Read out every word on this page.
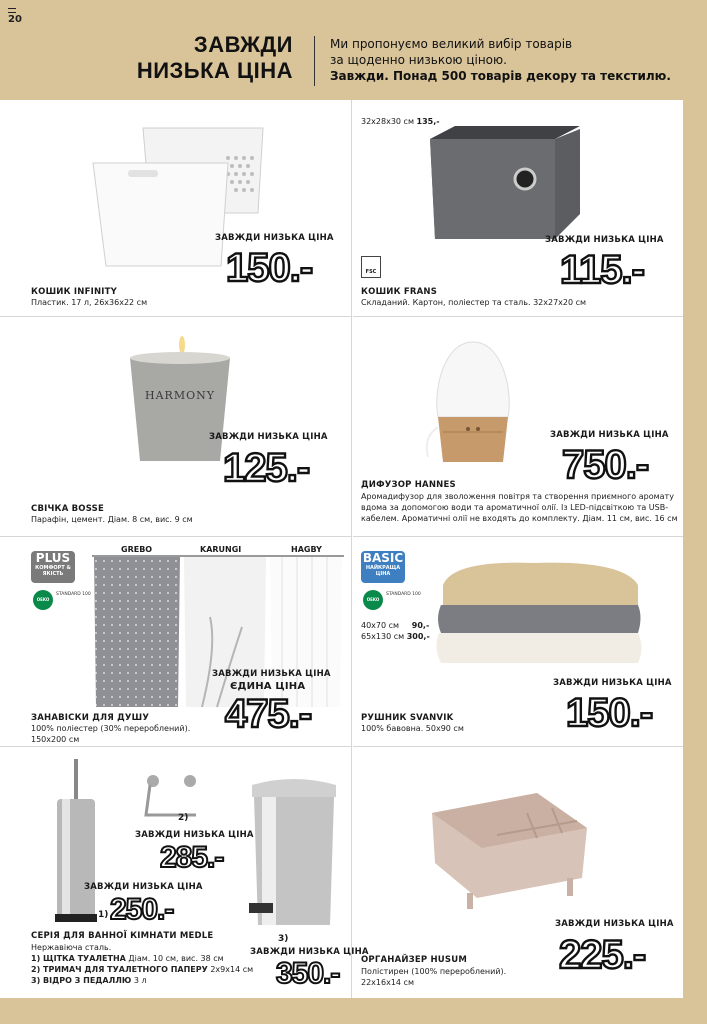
20
ЗАВЖДИ
НИЗЬКА ЦІНА
Ми пропонуємо великий вибір товарів
за щоденно низькою ціною.
Завжди. Понад 500 товарів декору та текстилю.
ЗАВЖДИ НИЗЬКА ЦІНА
150.-
КОШИК INFINITY
Пластик. 17 л, 26х36х22 см
32х28х30 см 135,-
FSC
ЗАВЖДИ НИЗЬКА ЦІНА
115.-
КОШИК FRANS
Складаний. Картон, поліестер та сталь. 32х27х20 см
HARMONY
ЗАВЖДИ НИЗЬКА ЦІНА
125.-
СВІЧКА BOSSE
Парафін, цемент. Діам. 8 см, вис. 9 см
ЗАВЖДИ НИЗЬКА ЦІНА
750.-
ДИФУЗОР HANNES
Аромадифузор для зволоження повітря та створення приємного аромату
вдома за допомогою води та ароматичної олії. Із LED-підсвіткою та USB-
кабелем. Ароматичні олії не входять до комплекту. Діам. 11 см, вис. 16 см
PLUS
КОМФОРТ & ЯКІСТЬ
OEKO TEX
STANDARD 100
GREBO	KARUNGI	HAGBY
ЗАВЖДИ НИЗЬКА ЦІНА
ЄДИНА ЦІНА
475.-
ЗАНАВІСКИ ДЛЯ ДУШУ
100% поліестер (30% перероблений).
150х200 см
BASIC
НАЙКРАЩА ЦІНА
OEKO TEX
STANDARD 100
40х70 см 90,-
65х130 см 300,-
ЗАВЖДИ НИЗЬКА ЦІНА
150.-
РУШНИК SVANVIK
100% бавовна. 50х90 см
1)
2)
ЗАВЖДИ НИЗЬКА ЦІНА
285.-
3)
ЗАВЖДИ НИЗЬКА ЦІНА
250.-
ЗАВЖДИ НИЗЬКА ЦІНА
350.-
СЕРІЯ ДЛЯ ВАННОЇ КІМНАТИ MEDLE
Нержавіюча сталь.
1) ЩІТКА ТУАЛЕТНА Діам. 10 см, вис. 38 см
2) ТРИМАЧ ДЛЯ ТУАЛЕТНОГО ПАПЕРУ 2х9х14 см
3) ВІДРО З ПЕДАЛЛЮ 3 л
ЗАВЖДИ НИЗЬКА ЦІНА
225.-
ОРГАНАЙЗЕР HUSUM
Полістирен (100% перероблений).
22х16х14 см
